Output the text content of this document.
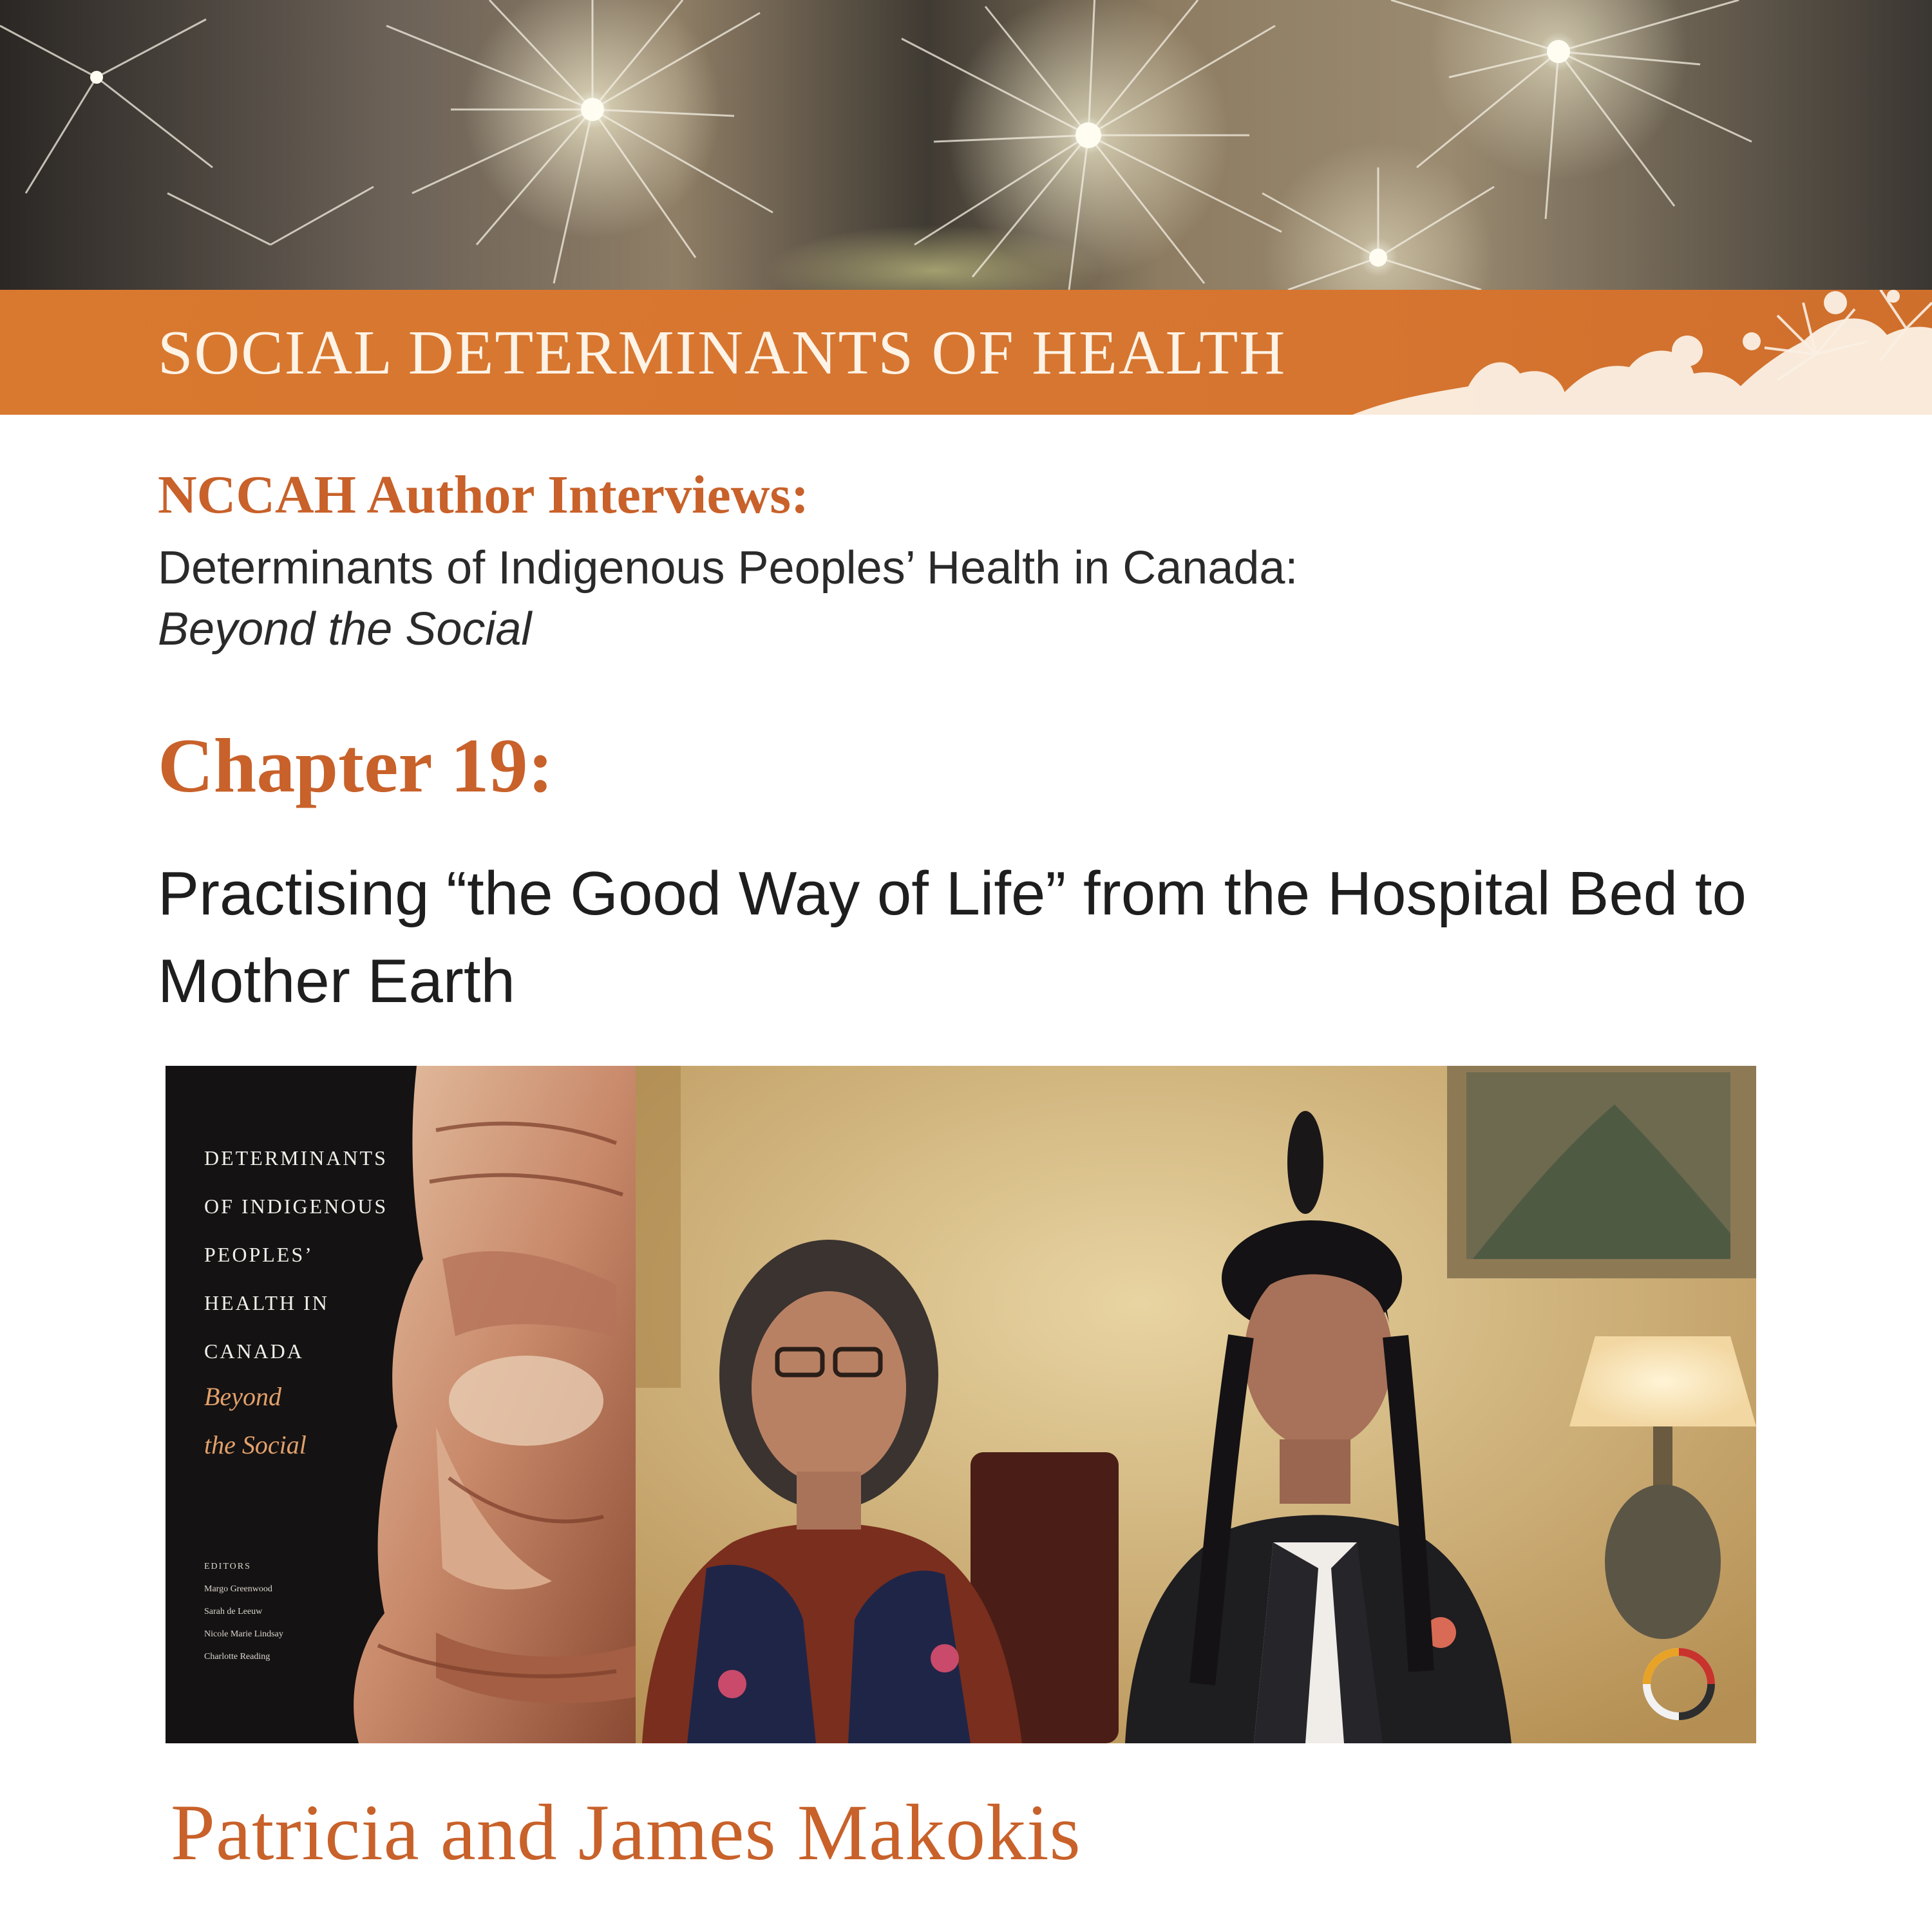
SOCIAL DETERMINANTS OF HEALTH
NCCAH Author Interviews:
Determinants of Indigenous Peoples’ Health in Canada:
Beyond the Social
Chapter 19:
Practising “the Good Way of Life” from the Hospital Bed to Mother Earth
DETERMINANTS
OF INDIGENOUS
PEOPLES’
HEALTH IN
CANADA
Beyond
the Social
EDITORS
Margo Greenwood
Sarah de Leeuw
Nicole Marie Lindsay
Charlotte Reading
Patricia and James Makokis
